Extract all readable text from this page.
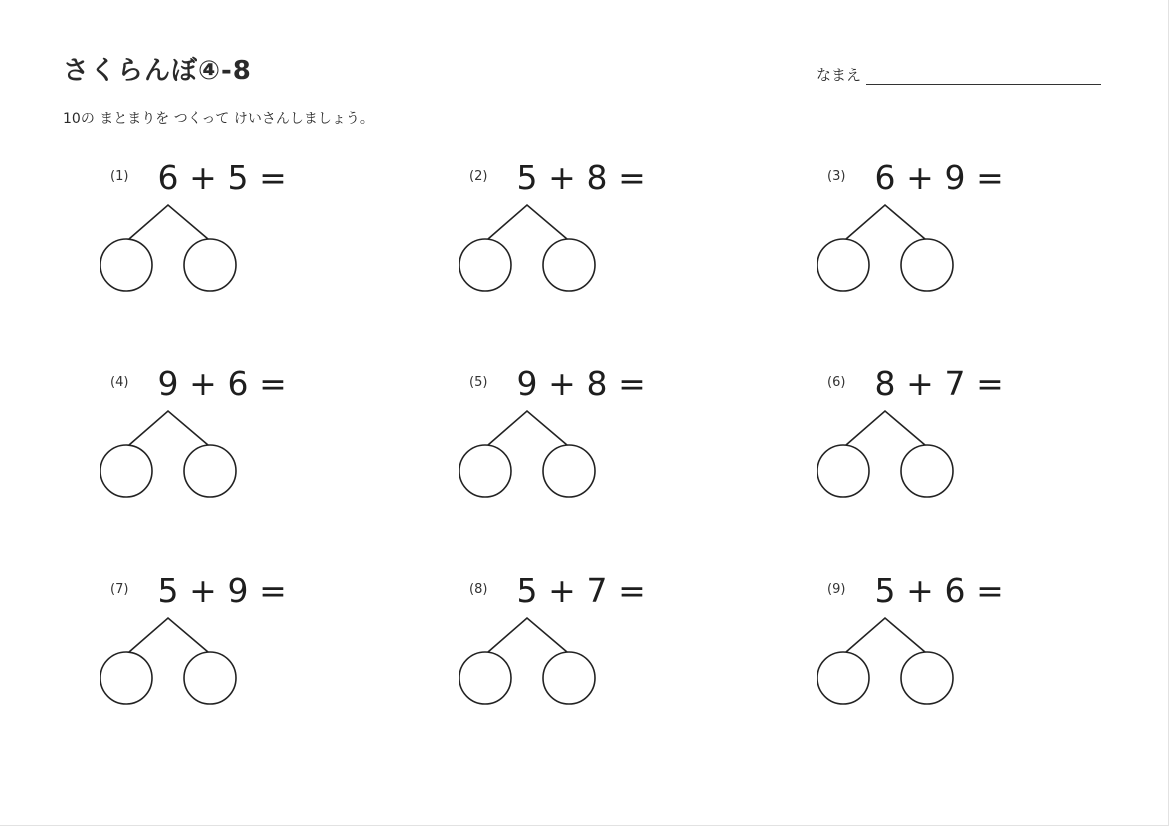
さくらんぼ④-8	なまえ
10の まとまりを つくって けいさんしましょう。
(1) 6 + 5 =	(2) 5 + 8 =	(3) 6 + 9 =
(4) 9 + 6 =	(5) 9 + 8 =	(6) 8 + 7 =
(7) 5 + 9 =	(8) 5 + 7 =	(9) 5 + 6 =
